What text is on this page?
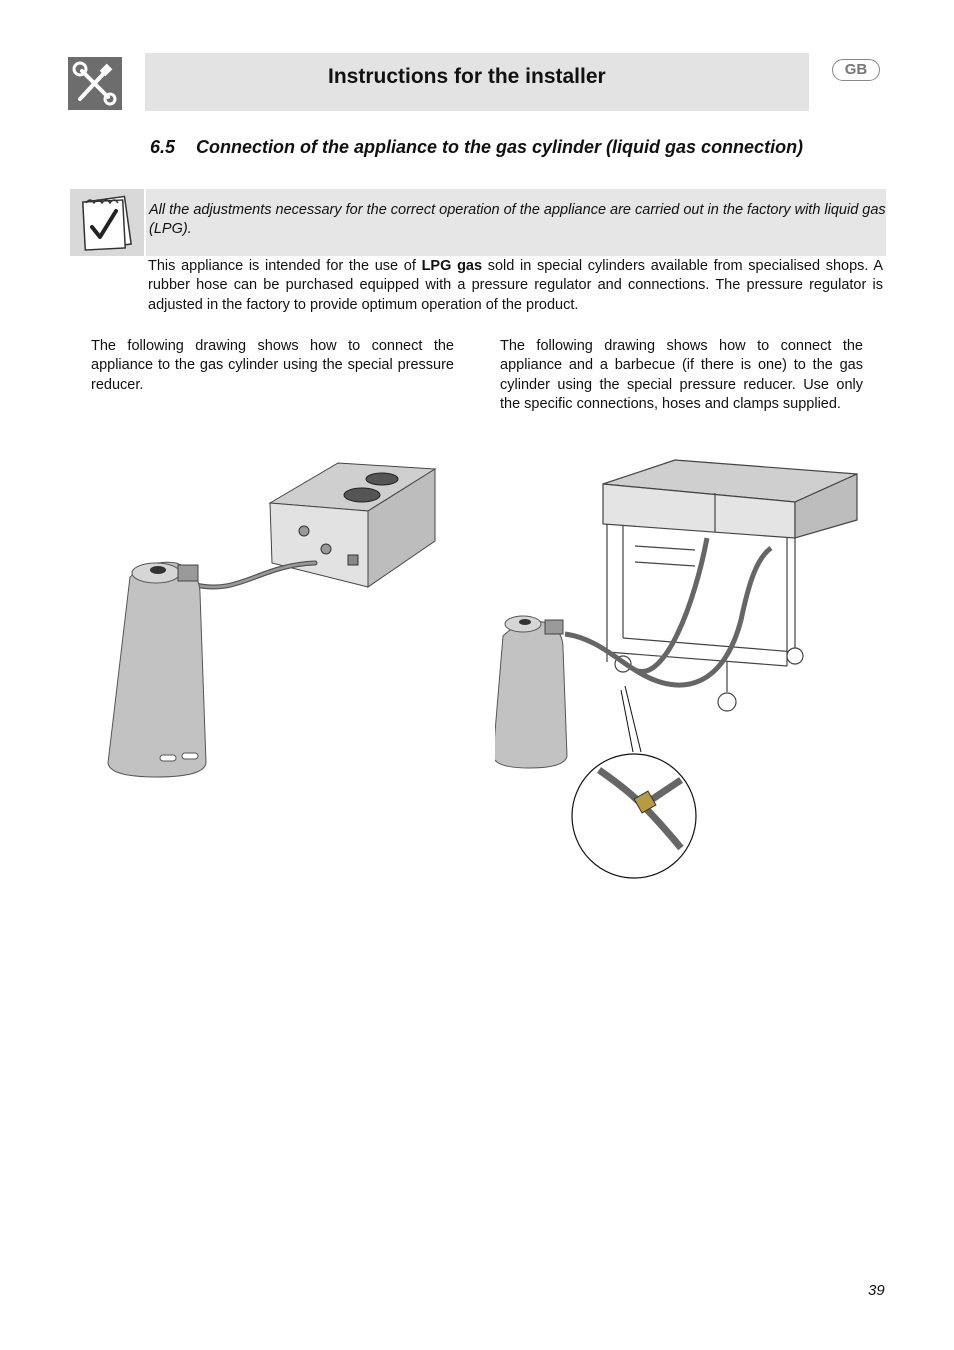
Instructions for the installer	GB
6.5 Connection of the appliance to the gas cylinder (liquid gas connection)
All the adjustments necessary for the correct operation of the appliance are carried out in the factory with liquid gas (LPG).
This appliance is intended for the use of LPG gas sold in special cylinders available from specialised shops. A rubber hose can be purchased equipped with a pressure regulator and connections. The pressure regulator is adjusted in the factory to provide optimum operation of the product.
The following drawing shows how to connect the appliance to the gas cylinder using the special pressure reducer.
The following drawing shows how to connect the appliance and a barbecue (if there is one) to the gas cylinder using the special pressure reducer. Use only the specific connections, hoses and clamps supplied.
39
